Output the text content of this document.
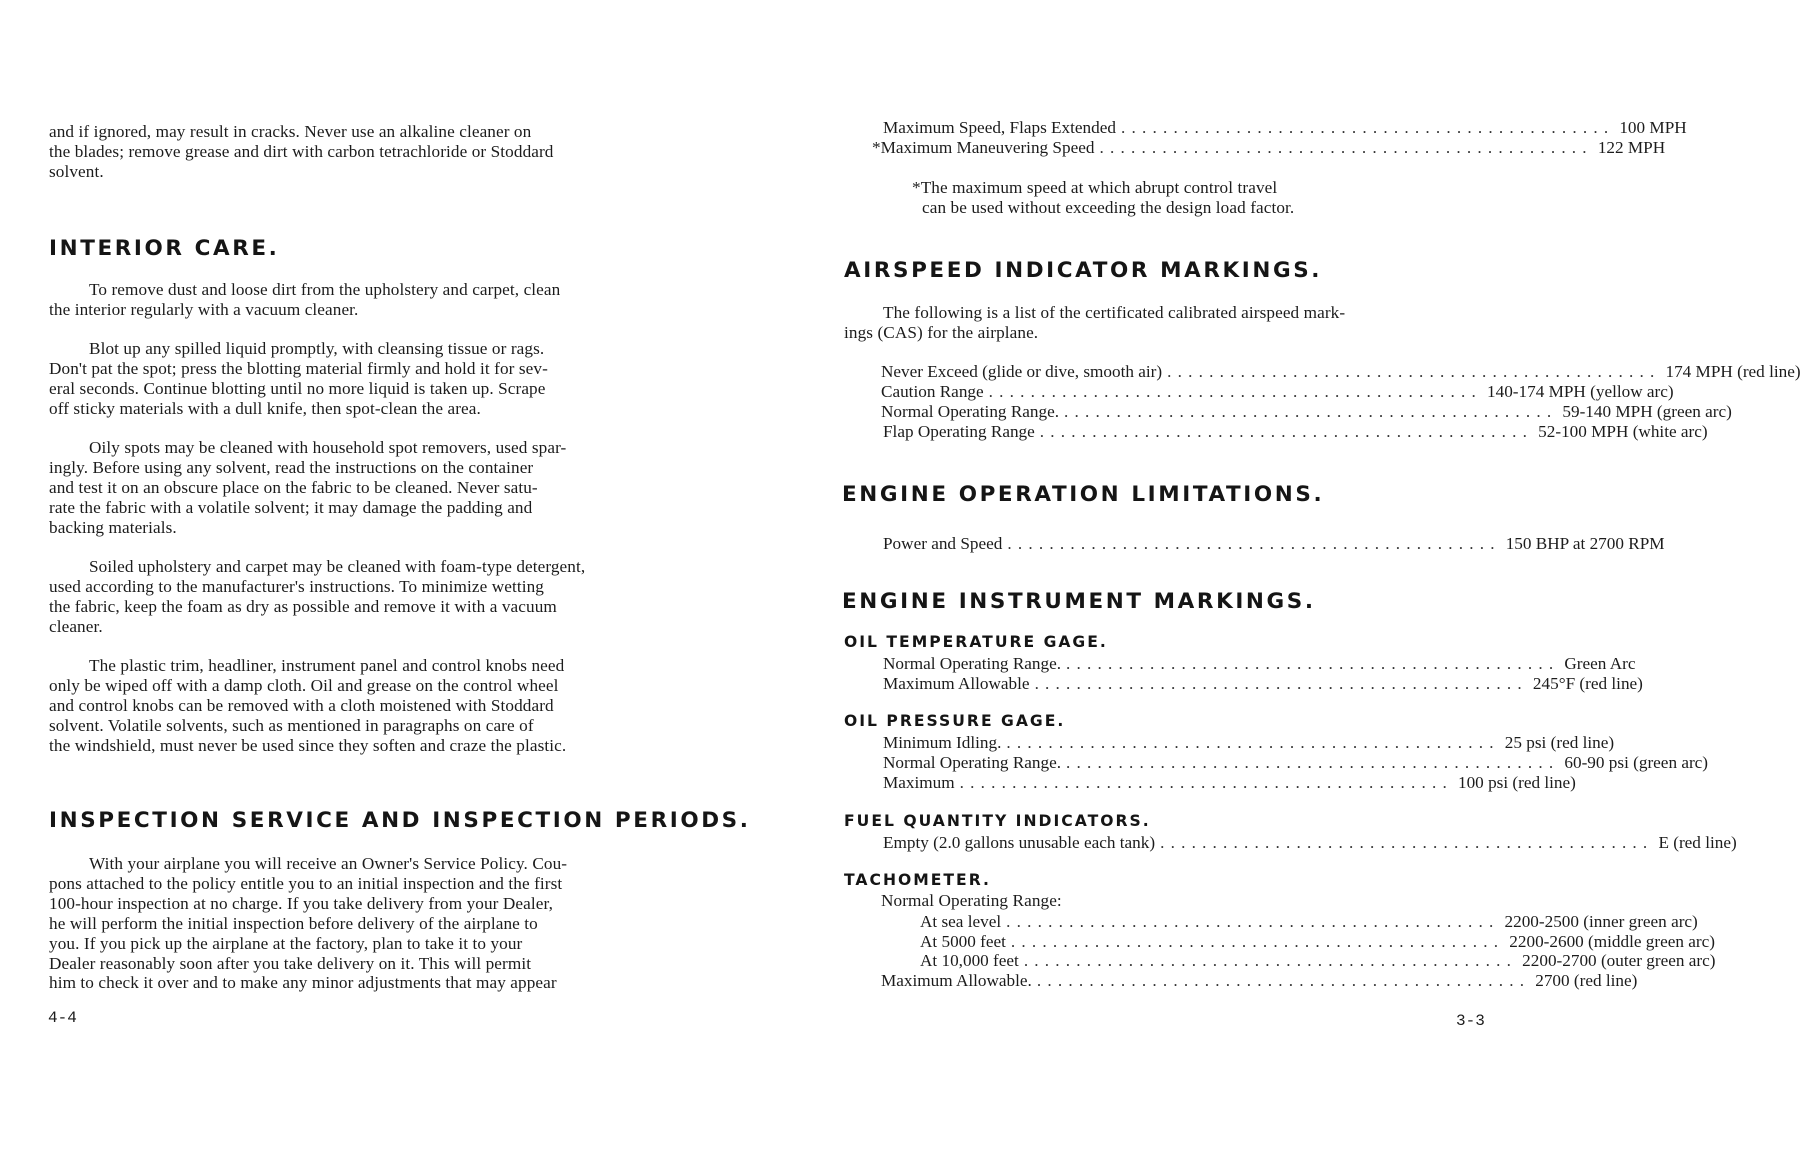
and if ignored, may result in cracks. Never use an alkaline cleaner on
the blades; remove grease and dirt with carbon tetrachloride or Stoddard
solvent.
INTERIOR CARE.
To remove dust and loose dirt from the upholstery and carpet, clean
the interior regularly with a vacuum cleaner.
Blot up any spilled liquid promptly, with cleansing tissue or rags.
Don't pat the spot; press the blotting material firmly and hold it for sev-
eral seconds. Continue blotting until no more liquid is taken up. Scrape
off sticky materials with a dull knife, then spot-clean the area.
Oily spots may be cleaned with household spot removers, used spar-
ingly. Before using any solvent, read the instructions on the container
and test it on an obscure place on the fabric to be cleaned. Never satu-
rate the fabric with a volatile solvent; it may damage the padding and
backing materials.
Soiled upholstery and carpet may be cleaned with foam-type detergent,
used according to the manufacturer's instructions. To minimize wetting
the fabric, keep the foam as dry as possible and remove it with a vacuum
cleaner.
The plastic trim, headliner, instrument panel and control knobs need
only be wiped off with a damp cloth. Oil and grease on the control wheel
and control knobs can be removed with a cloth moistened with Stoddard
solvent. Volatile solvents, such as mentioned in paragraphs on care of
the windshield, must never be used since they soften and craze the plastic.
INSPECTION SERVICE AND INSPECTION PERIODS.
With your airplane you will receive an Owner's Service Policy. Cou-
pons attached to the policy entitle you to an initial inspection and the first
100-hour inspection at no charge. If you take delivery from your Dealer,
he will perform the initial inspection before delivery of the airplane to
you. If you pick up the airplane at the factory, plan to take it to your
Dealer reasonably soon after you take delivery on it. This will permit
him to check it over and to make any minor adjustments that may appear
4-4
Maximum Speed, Flaps Extended ............................................... 100 MPH
*Maximum Maneuvering Speed ............................................... 122 MPH
*The maximum speed at which abrupt control travel
can be used without exceeding the design load factor.
AIRSPEED INDICATOR MARKINGS.
The following is a list of the certificated calibrated airspeed mark-
ings (CAS) for the airplane.
Never Exceed (glide or dive, smooth air) ............................................... 174 MPH (red line)
Caution Range ............................................... 140-174 MPH (yellow arc)
Normal Operating Range. ............................................... 59-140 MPH (green arc)
Flap Operating Range ............................................... 52-100 MPH (white arc)
ENGINE OPERATION LIMITATIONS.
Power and Speed ............................................... 150 BHP at 2700 RPM
ENGINE INSTRUMENT MARKINGS.
OIL TEMPERATURE GAGE.
Normal Operating Range. ............................................... Green Arc
Maximum Allowable ............................................... 245°F (red line)
OIL PRESSURE GAGE.
Minimum Idling. ............................................... 25 psi (red line)
Normal Operating Range. ............................................... 60-90 psi (green arc)
Maximum ............................................... 100 psi (red line)
FUEL QUANTITY INDICATORS.
Empty (2.0 gallons unusable each tank) ............................................... E (red line)
TACHOMETER.
Normal Operating Range:
At sea level ............................................... 2200-2500 (inner green arc)
At 5000 feet ............................................... 2200-2600 (middle green arc)
At 10,000 feet ............................................... 2200-2700 (outer green arc)
Maximum Allowable. ............................................... 2700 (red line)
3-3
